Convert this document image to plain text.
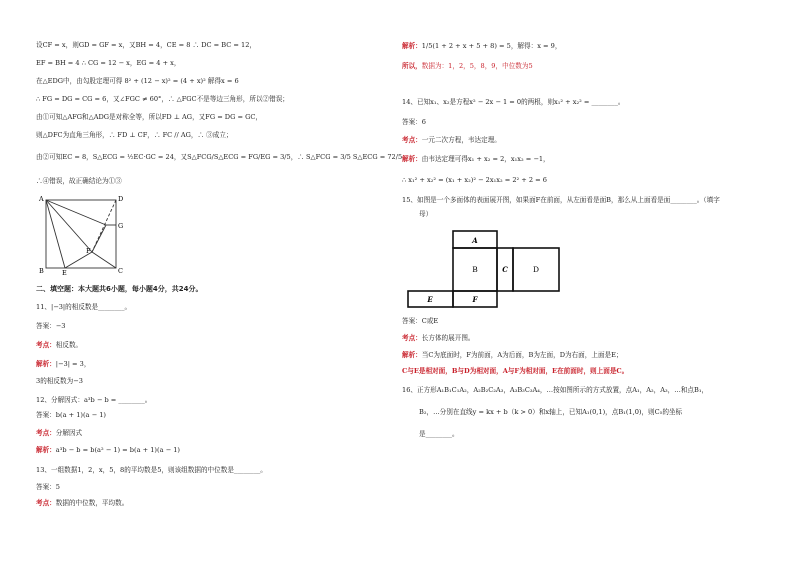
设CF = x，则GD = GF = x，又BH = 4，CE = 8 ∴ DC = BC = 12，
EF = BH = 4 ∴ CG = 12 − x，EG = 4 + x，
在△EDG中，由勾股定理可得 8² + (12 − x)² = (4 + x)² 解得x = 6
∴ FG = DG = CG = 6，又∠FGC ≠ 60°，∴ △FGC不是等边三角形，所以②错误；
由①可知△AFG和△ADG是对称全等，所以FD ⊥ AG，又FG = DG = GC，
则△DFC为直角三角形，∴ FD ⊥ CF，∴ FC // AG，∴ ③成立；
由②可知EC = 8，S△ECG = ½EC·GC = 24，又S△FCG/S△ECG = FG/EG = 3/5，∴ S△FCG = 3/5 S△ECG = 72/5
∴④错误，故正确结论为①③
A	D
G
F
B	E	C
二、填空题：本大题共6小题，每小题4分，共24分。
11、|−3|的相反数是________。
答案：−3
考点：相反数。
解析：|−3| = 3，
3的相反数为−3
12、分解因式：a³b − b = ________。
答案：b(a + 1)(a − 1)
考点：分解因式
解析：a³b − b = b(a² − 1) = b(a + 1)(a − 1)
13、一组数据1，2，x，5，8的平均数是5，则该组数据的中位数是________。
答案：5
考点：数据的中位数，平均数。
解析：1/5(1 + 2 + x + 5 + 8) = 5，解得：x = 9，
所以，数据为：1，2，5，8，9，中位数为5
14、已知x₁、x₂是方程x² − 2x − 1 = 0的两根，则x₁² + x₂² = ________。
答案：6
考点：一元二次方程，韦达定理。
解析：由韦达定理可得x₁ + x₂ = 2，x₁x₂ = −1，
∴ x₁² + x₂² = (x₁ + x₂)² − 2x₁x₂ = 2² + 2 = 6
15、如图是一个多面体的表面展开图，如果面F在前面，从左面看是面B，那么从上面看是面________。（填字
母）
A
B	C	D
E	F
答案：C或E
考点：长方体的展开图。
解析：当C为底面时，F为前面，A为后面，B为左面，D为右面，上面是E；
C与E是相对面，B与D为相对面，A与F为相对面，E在前面时，则上面是C。
16、正方形A₁B₁C₁A₂，A₂B₂C₂A₃，A₃B₃C₃A₄，…按如图所示的方式放置，点A₁，A₂，A₃，…和点B₁，
B₂，…分别在直线y = kx + b（k > 0）和x轴上，已知A₁(0,1)，点B₁(1,0)，则C₅的坐标
是________。
